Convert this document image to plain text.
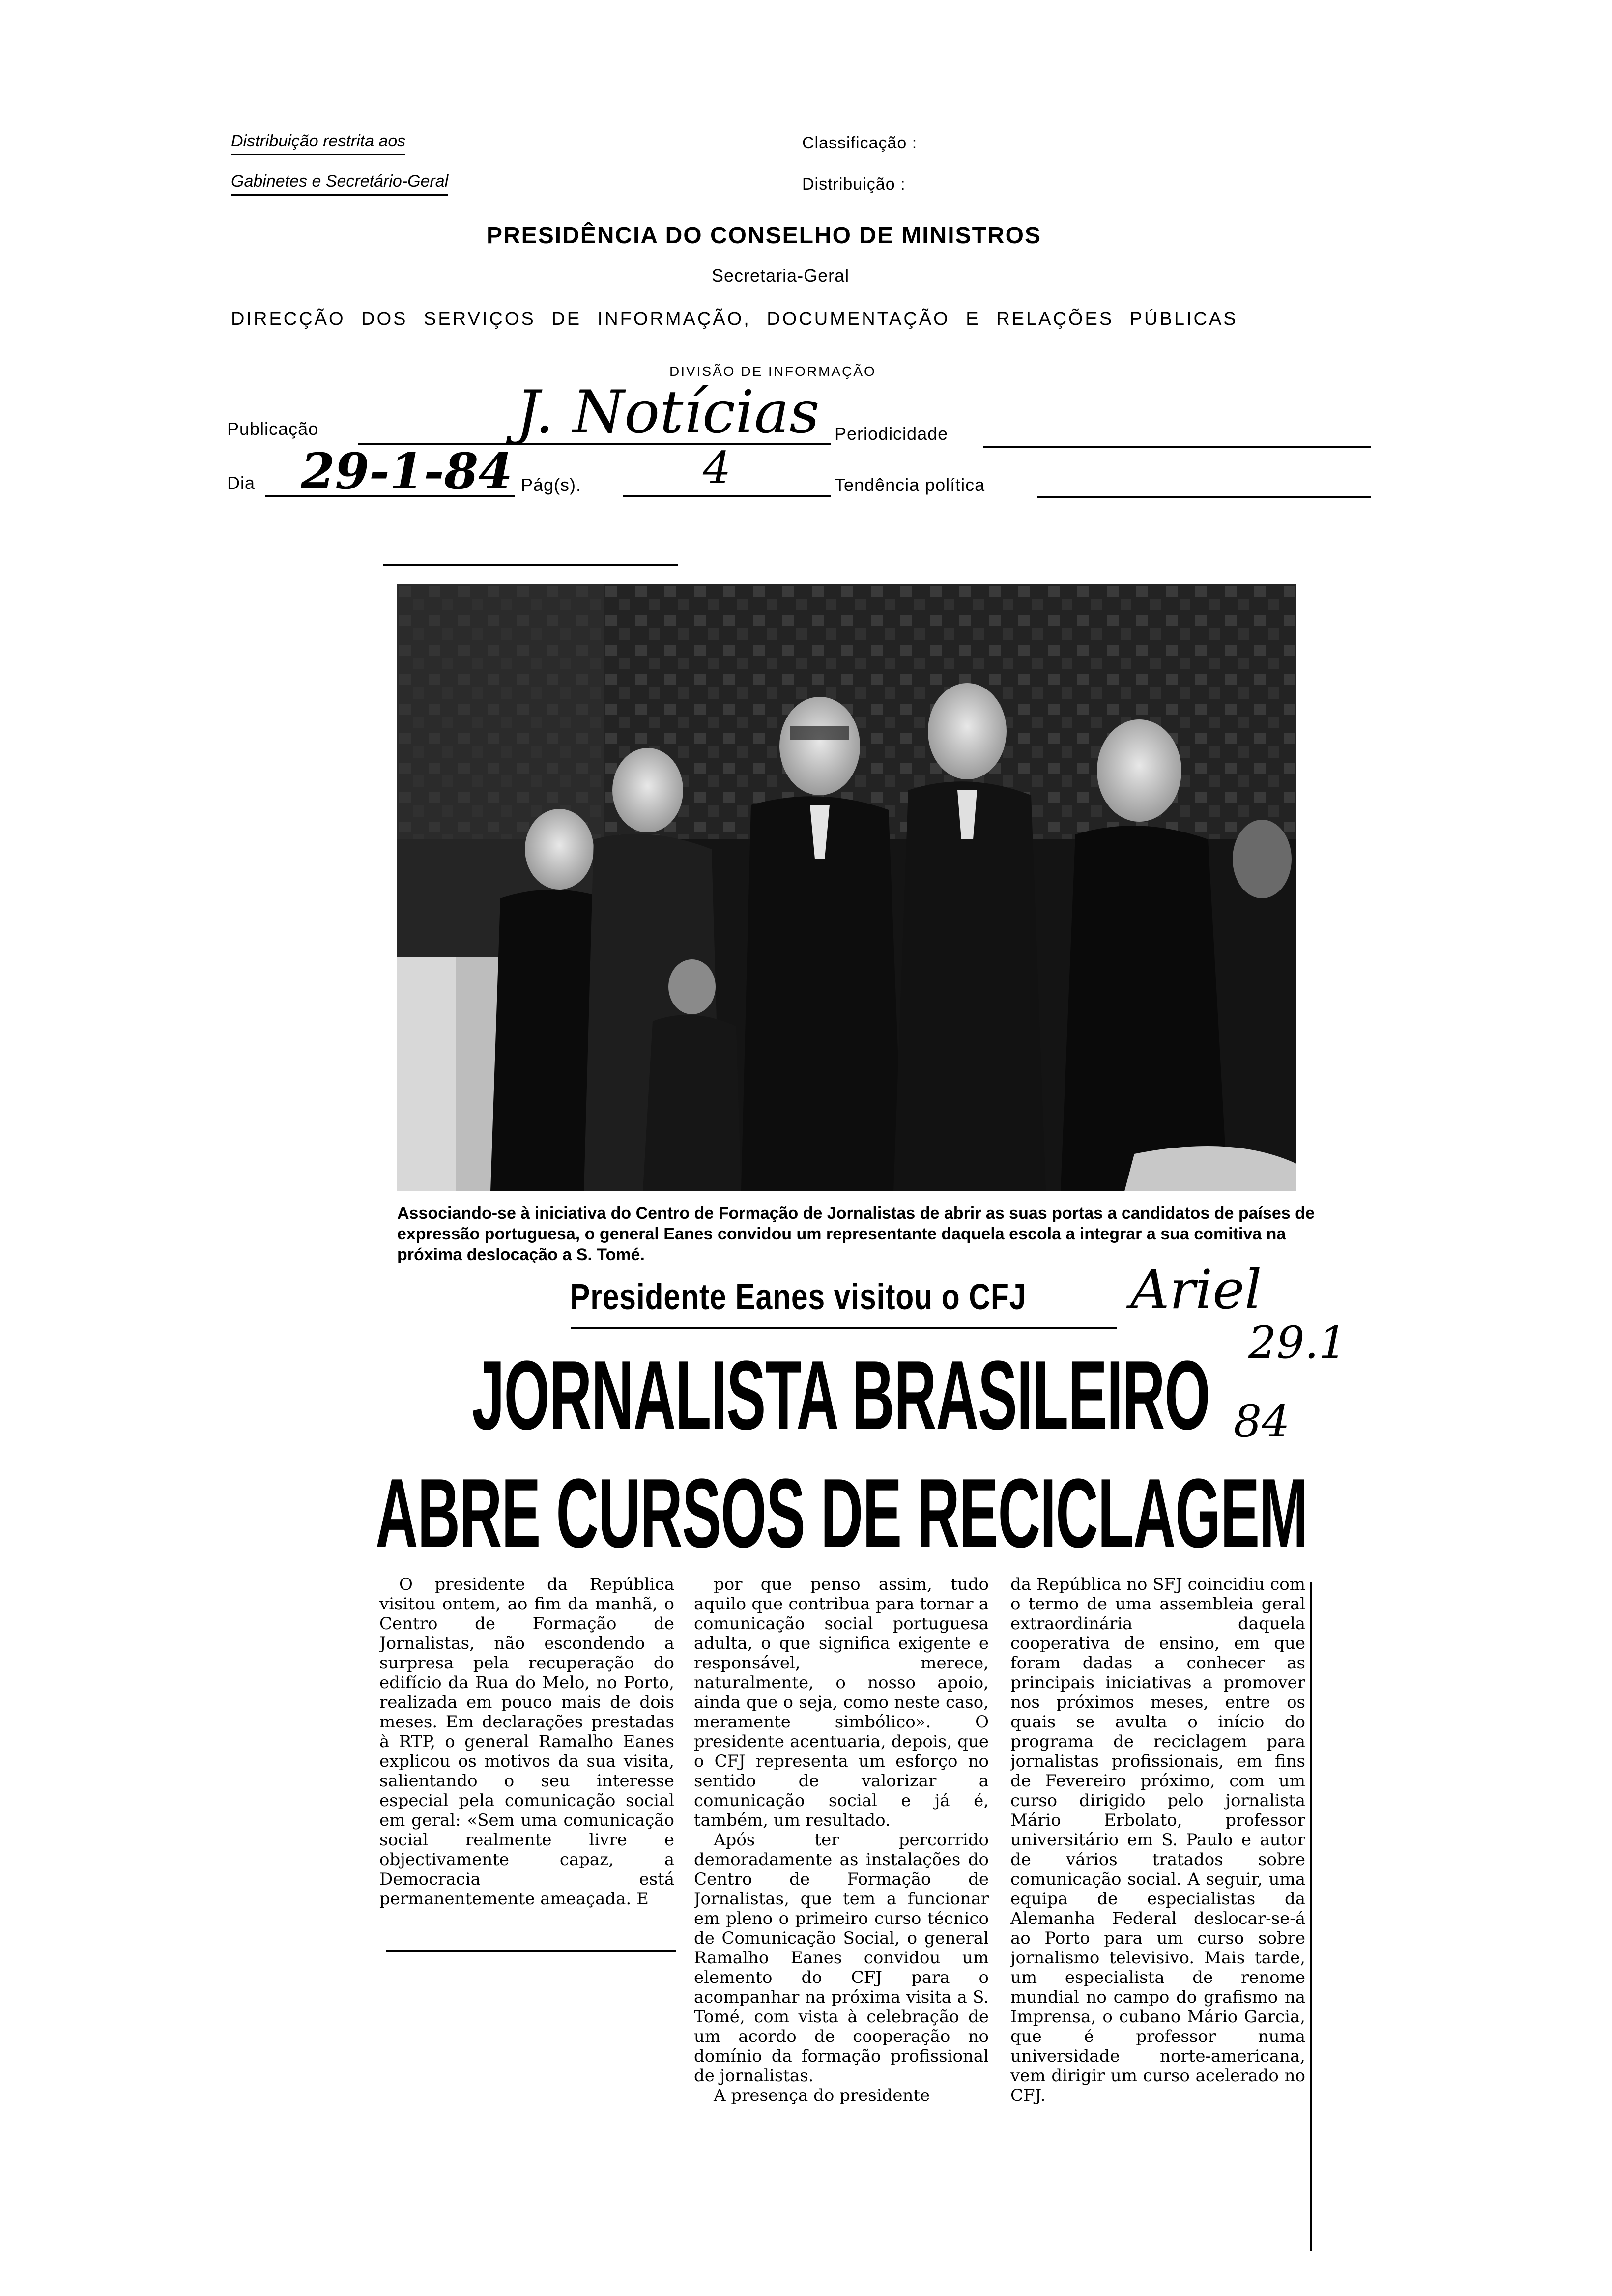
Distribuição restrita aos
Gabinetes e Secretário-Geral
Classificação :
Distribuição :
PRESIDÊNCIA DO CONSELHO DE MINISTROS
Secretaria-Geral
DIRECÇÃO DOS SERVIÇOS DE INFORMAÇÃO, DOCUMENTAÇÃO E RELAÇÕES PÚBLICAS
DIVISÃO DE INFORMAÇÃO
Publicação	J. Notícias Periodicidade
Dia 29-1-84 Pág(s).	4	Tendência política
Associando-se à iniciativa do Centro de Formação de Jornalistas de abrir as suas portas a candidatos de países de expressão portuguesa, o general Eanes convidou um representante daquela escola a integrar a sua comitiva na próxima deslocação a S. Tomé.
Presidente Eanes visitou o CFJ Ariel
29.1
84
JORNALISTA BRASILEIRO
ABRE CURSOS DE RECICLAGEM

O presidente da República visitou ontem, ao fim da manhã, o Centro de Formação de Jornalistas, não escondendo a surpresa pela recuperação do edifício da Rua do Melo, no Porto, realizada em pouco mais de dois meses. Em declarações prestadas à RTP, o general Ramalho Eanes explicou os motivos da sua visita, salientando o seu interesse especial pela comunicação social em geral: «Sem uma comunicação social realmente livre e objectivamente capaz, a Democracia está permanentemente ameaçada. E

por que penso assim, tudo aquilo que contribua para tornar a comunicação social portuguesa adulta, o que significa exigente e responsável, merece, naturalmente, o nosso apoio, ainda que o seja, como neste caso, meramente simbólico». O presidente acentuaria, depois, que o CFJ representa um esforço no sentido de valorizar a comunicação social e já é, também, um resultado.

Após ter percorrido demoradamente as instalações do Centro de Formação de Jornalistas, que tem a funcionar em pleno o primeiro curso técnico de Comunicação Social, o general Ramalho Eanes convidou um elemento do CFJ para o acompanhar na próxima visita a S. Tomé, com vista à celebração de um acordo de cooperação no domínio da formação profissional de jornalistas.

A presença do presidente

da República no SFJ coincidiu com o termo de uma assembleia geral extraordinária daquela cooperativa de ensino, em que foram dadas a conhecer as principais iniciativas a promover nos próximos meses, entre os quais se avulta o início do programa de reciclagem para jornalistas profissionais, em fins de Fevereiro próximo, com um curso dirigido pelo jornalista Mário Erbolato, professor universitário em S. Paulo e autor de vários tratados sobre comunicação social. A seguir, uma equipa de especialistas da Alemanha Federal deslocar-se-á ao Porto para um curso sobre jornalismo televisivo. Mais tarde, um especialista de renome mundial no campo do grafismo na Imprensa, o cubano Mário Garcia, que é professor numa universidade norte-americana, vem dirigir um curso acelerado no CFJ.
